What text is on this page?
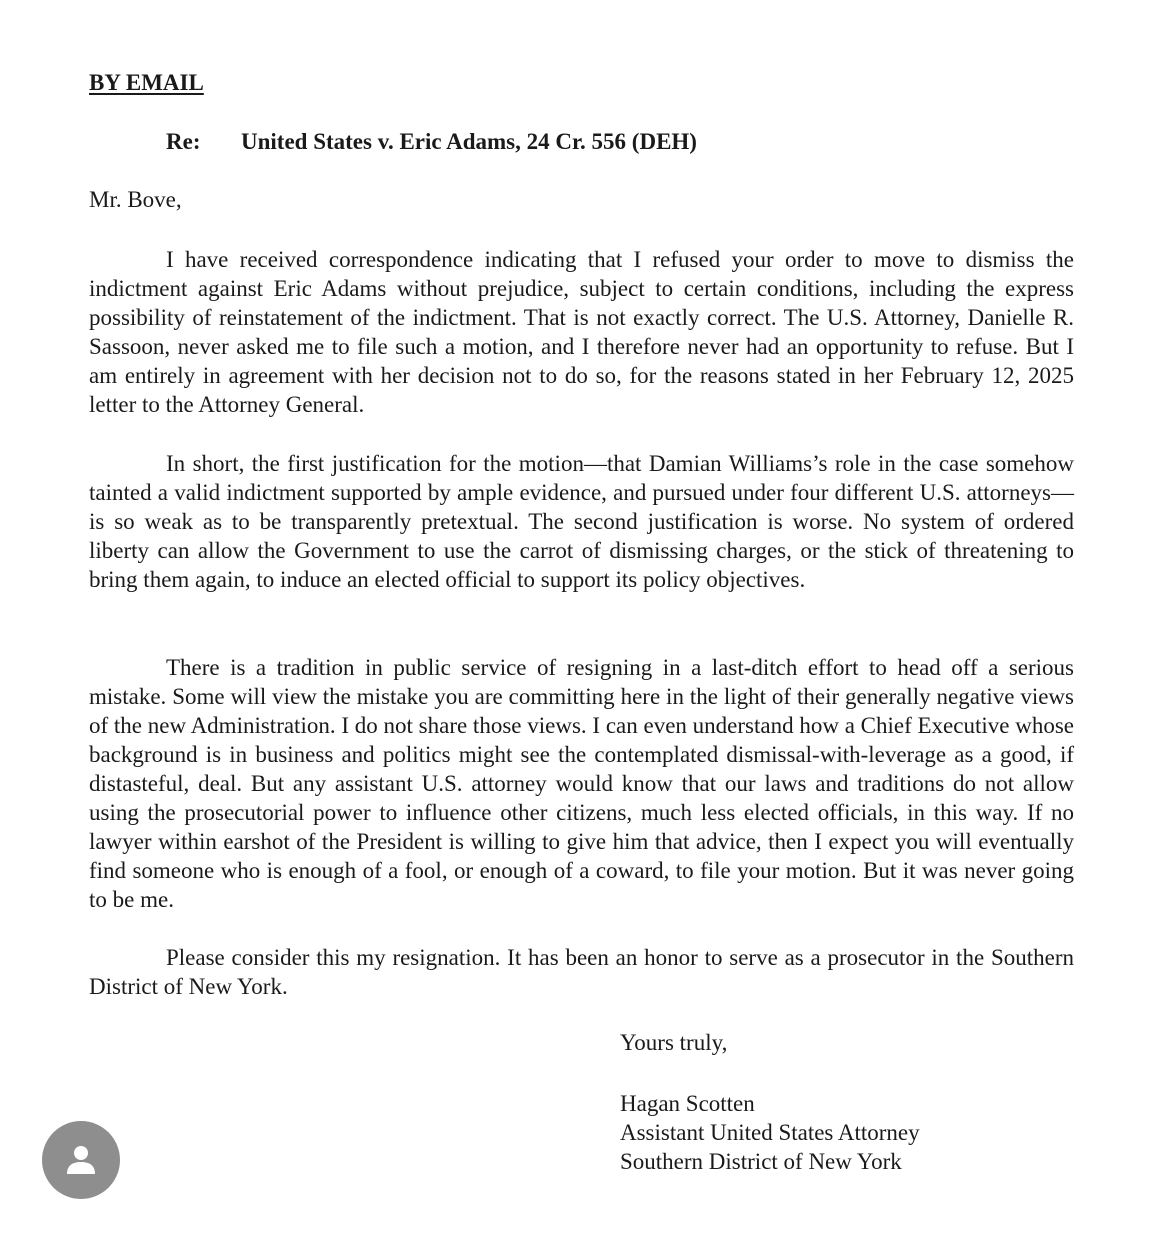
BY EMAIL
Re: United States v. Eric Adams, 24 Cr. 556 (DEH)
Mr. Bove,

I have received correspondence indicating that I refused your order to move to dismiss the indictment against Eric Adams without prejudice, subject to certain conditions, including the express possibility of reinstatement of the indictment. That is not exactly correct. The U.S. Attorney, Danielle R. Sassoon, never asked me to file such a motion, and I therefore never had an opportunity to refuse. But I am entirely in agreement with her decision not to do so, for the reasons stated in her February 12, 2025 letter to the Attorney General.

In short, the first justification for the motion—that Damian Williams’s role in the case somehow tainted a valid indictment supported by ample evidence, and pursued under four different U.S. attorneys—is so weak as to be transparently pretextual. The second justification is worse. No system of ordered liberty can allow the Government to use the carrot of dismissing charges, or the stick of threatening to bring them again, to induce an elected official to support its policy objectives.

There is a tradition in public service of resigning in a last-ditch effort to head off a serious mistake. Some will view the mistake you are committing here in the light of their generally negative views of the new Administration. I do not share those views. I can even understand how a Chief Executive whose background is in business and politics might see the contemplated dismissal-with-leverage as a good, if distasteful, deal. But any assistant U.S. attorney would know that our laws and traditions do not allow using the prosecutorial power to influence other citizens, much less elected officials, in this way. If no lawyer within earshot of the President is willing to give him that advice, then I expect you will eventually find someone who is enough of a fool, or enough of a coward, to file your motion. But it was never going to be me.

Please consider this my resignation. It has been an honor to serve as a prosecutor in the Southern District of New York.

Yours truly,
Hagan Scotten
Assistant United States Attorney
Southern District of New York
